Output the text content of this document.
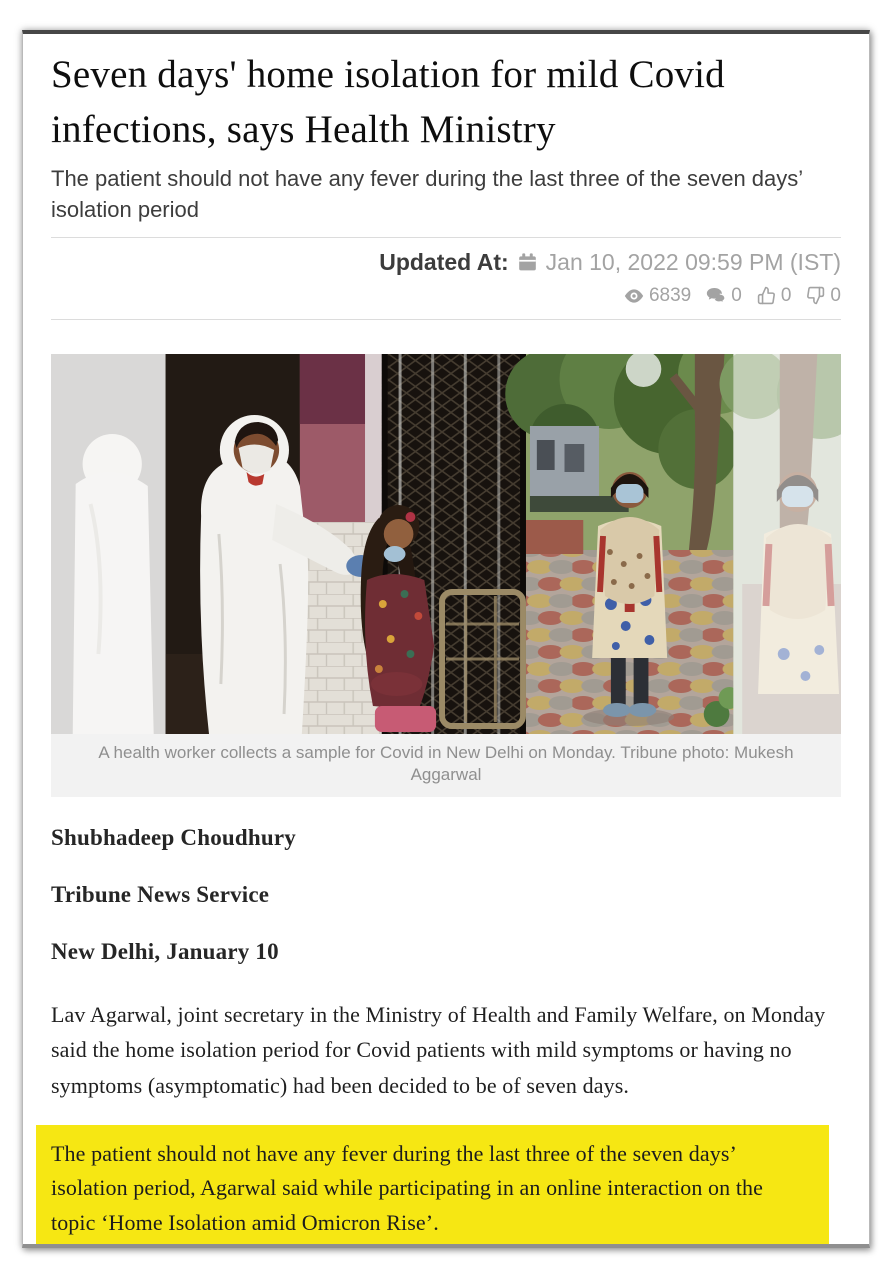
Seven days' home isolation for mild Covid infections, says Health Ministry

The patient should not have any fever during the last three of the seven days’ isolation period

Updated At: Jan 10, 2022 09:59 PM (IST)
6839 0 0 0
A health worker collects a sample for Covid in New Delhi on Monday. Tribune photo: Mukesh Aggarwal

Shubhadeep Choudhury

Tribune News Service

New Delhi, January 10

Lav Agarwal, joint secretary in the Ministry of Health and Family Welfare, on Monday said the home isolation period for Covid patients with mild symptoms or having no symptoms (asymptomatic) had been decided to be of seven days.

The patient should not have any fever during the last three of the seven days’ isolation period, Agarwal said while participating in an online interaction on the topic ‘Home Isolation amid Omicron Rise’.
